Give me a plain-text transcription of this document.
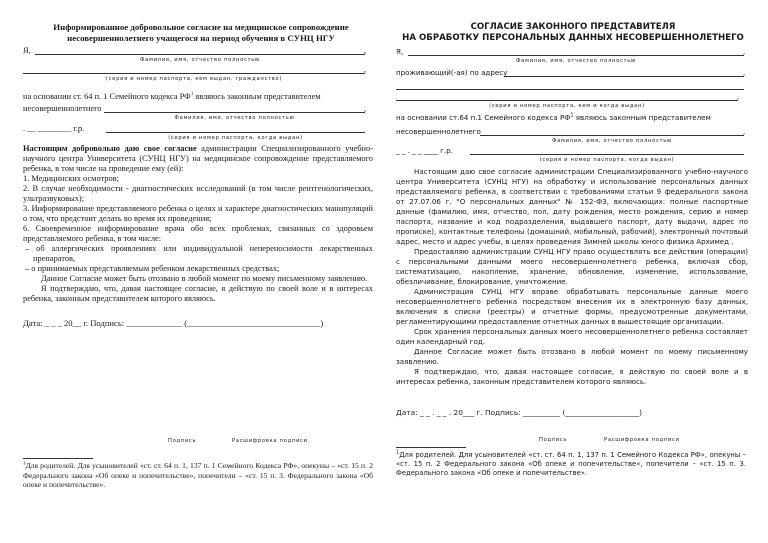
Информированное добровольное согласие на медицинское сопровождение несовершеннолетнего учащегося на период обучения в СУНЦ НГУ
Я,	,
Фамилия, имя, отчество полностью
,
(серия и номер паспорта, кем выдан, гражданство)
на основании ст. 64 п. 1 Семейного кодекса $РФ^1$ являюсь законным представителем
несовершеннолетнего	,
Фамилия, имя, отчество полностью
. __ ________ г.р.
(серия и номер паспорта, когда выдан)

Настоящим добровольно даю свое согласие администрации Специализированного учебно-научного центра Университета (СУНЦ НГУ) на медицинское сопровождение представляемого ребенка, в том числе на проведение ему (ей):

1. Медицинских осмотров;

2. В случае необходимости - диагностических исследований (в том числе рентгенологических, ультразвуковых);

3. Информирование представляемого ребенка о целях и характере диагностических манипуляций о том, что предстоит делать во время их проведения;

6. Своевременное информирование врача обо всех проблемах, связанных со здоровьем представляемого ребенка, в том числе:

– об аллергических проявлениях или индивидуальной непереносимости лекарственных препаратов,

– о принимаемых представляемым ребенком лекарственных средствах;

Данное Согласие может быть отозвано в любой момент по моему письменному заявлению.

Я подтверждаю, что, давая настоящее согласие, я действую по своей воле и в интересах ребенка, законным представителем которого являюсь.

Дата: _ _ _ 20__ г. Подпись: _____________ (_______________________________)
Подпись	Расшифровка подписи
$^1$Для родителей. Для усыновителей «ст. ст. 64 п. 1, 137 п. 1 Семейного Кодекса РФ», опекуны – «ст. 15 п. 2 Федерального закона «Об опеке и попечительстве», попечители – «ст. 15 п. 3. Федерального закона «Об опеке и попечительстве».
СОГЛАСИЕ ЗАКОННОГО ПРЕДСТАВИТЕЛЯ
НА ОБРАБОТКУ ПЕРСОНАЛЬНЫХ ДАННЫХ НЕСОВЕРШЕННОЛЕТНЕГО
Я,	,
Фамилия, имя, отчество полностью
проживающий(-ая) по адресу	,
,
(серия и номер паспорта, кем и когда выдан)
на основании ст.64 п.1 Семейного кодекса $РФ^1$ являюсь законным представителем
несовершеннолетнего	,
Фамилия, имя, отчество полностью
_ _ . _ _ ____ г.р.
(серия и номер паспорта, когда выдан)

Настоящим даю свое согласие администрации Специализированного учебно-научного центра Университета (СУНЦ НГУ) на обработку и использование персональных данных представляемого ребенка, в соответствии с требованиями статьи 9 федерального закона от 27.07.06 г. "О персональных данных" № 152-ФЗ, включающих: полные паспортные данные (фамилию, имя, отчество, пол, дату рождения, место рождения, серию и номер паспорта, название и код подразделения, выдавшего паспорт, дату выдачи, адрес по прописке), контактные телефоны (домашний, мобильный, рабочий), электронный почтовый адрес, место и адрес учебы, в целях проведения Зимней школы юного физика Архимед .

Предоставляю администрации СУНЦ НГУ право осуществлять все действия (операции) с персональными данными моего несовершеннолетнего ребенка, включая сбор, систематизацию, накопление, хранение, обновление, изменение, использование, обезличивание, блокирование, уничтожение.

Администрация СУНЦ НГУ вправе обрабатывать персональные данные моего несовершеннолетнего ребенка посредством внесения их в электронную базу данных, включения в списки (реестры) и отчетные формы, предусмотренные документами, регламентирующими предоставление отчетных данных в вышестоящие организации.

Срок хранения персональных данных моего несовершеннолетнего ребенка составляет один календарный год.

Данное Согласие может быть отозвано в любой момент по моему письменному заявлению.

Я подтверждаю, что, давая настоящее согласие, я действую по своей воле и в интересах ребенка, законным представителем которого являюсь.

Дата: _ _ . _ _ . 20___ г. Подпись: __________ (____________________)
Подпись	Расшифровка подписи
$^1$Для родителей. Для усыновителей «ст. ст. 64 п. 1, 137 п. 1 Семейного Кодекса РФ», опекуны – «ст. 15 п. 2 Федерального закона «Об опеке и попечительстве», попечители – «ст. 15 п. 3. Федерального закона «Об опеке и попечительстве».
